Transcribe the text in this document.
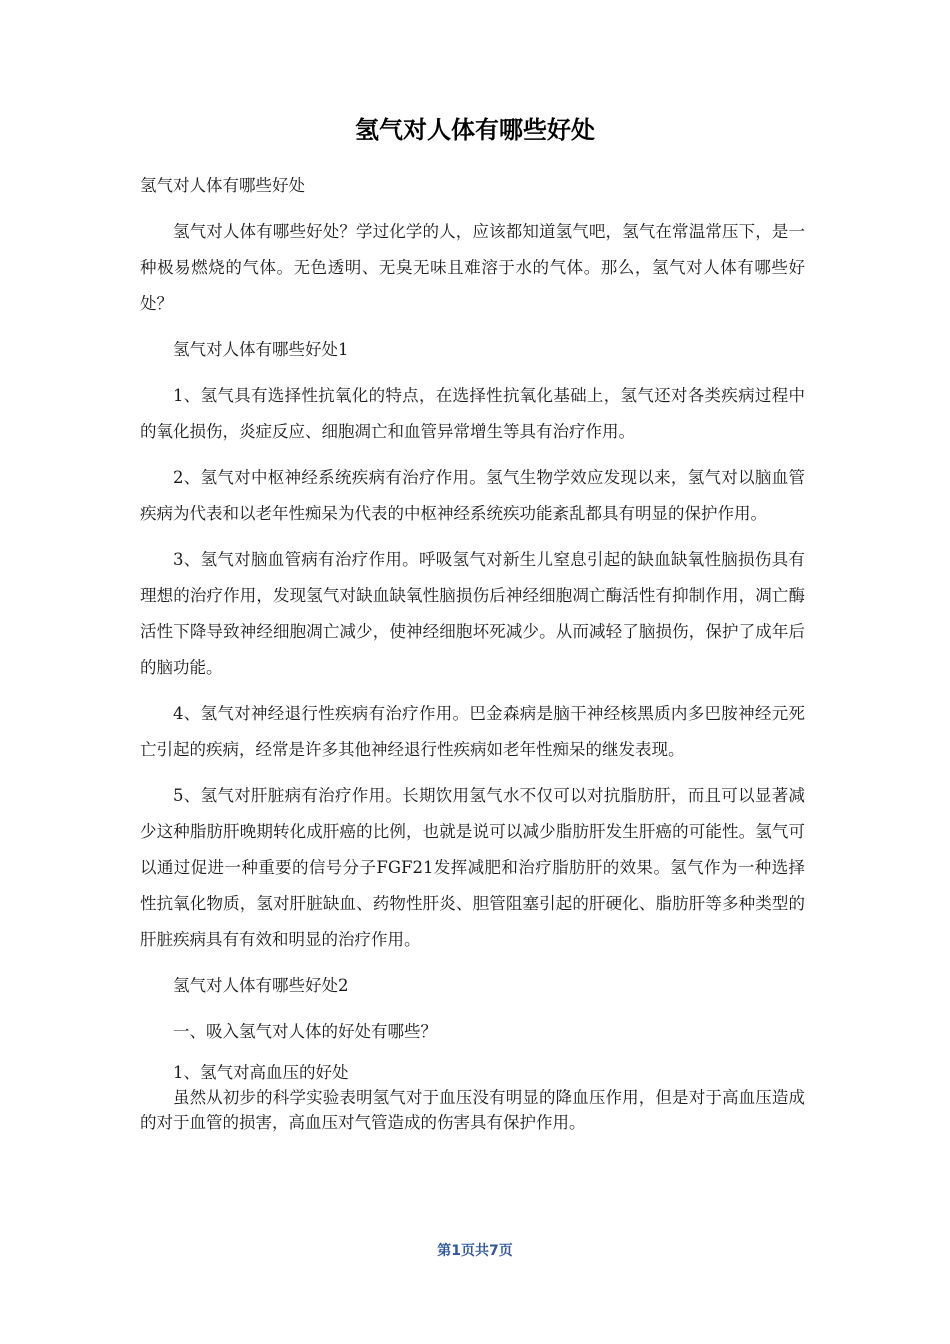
氢气对人体有哪些好处

氢气对人体有哪些好处

氢气对人体有哪些好处？学过化学的人，应该都知道氢气吧，氢气在常温常压下，是一种极易燃烧的气体。无色透明、无臭无味且难溶于水的气体。那么，氢气对人体有哪些好处？

氢气对人体有哪些好处1

1、氢气具有选择性抗氧化的特点，在选择性抗氧化基础上，氢气还对各类疾病过程中的氧化损伤，炎症反应、细胞凋亡和血管异常增生等具有治疗作用。

2、氢气对中枢神经系统疾病有治疗作用。氢气生物学效应发现以来，氢气对以脑血管疾病为代表和以老年性痴呆为代表的中枢神经系统疾功能紊乱都具有明显的保护作用。

3、氢气对脑血管病有治疗作用。呼吸氢气对新生儿窒息引起的缺血缺氧性脑损伤具有理想的治疗作用，发现氢气对缺血缺氧性脑损伤后神经细胞凋亡酶活性有抑制作用，凋亡酶活性下降导致神经细胞凋亡减少，使神经细胞坏死减少。从而减轻了脑损伤，保护了成年后的脑功能。

4、氢气对神经退行性疾病有治疗作用。巴金森病是脑干神经核黑质内多巴胺神经元死亡引起的疾病，经常是许多其他神经退行性疾病如老年性痴呆的继发表现。

5、氢气对肝脏病有治疗作用。长期饮用氢气水不仅可以对抗脂肪肝，而且可以显著减少这种脂肪肝晚期转化成肝癌的比例，也就是说可以减少脂肪肝发生肝癌的可能性。氢气可以通过促进一种重要的信号分子FGF21发挥减肥和治疗脂肪肝的效果。氢气作为一种选择性抗氧化物质，氢对肝脏缺血、药物性肝炎、胆管阻塞引起的肝硬化、脂肪肝等多种类型的肝脏疾病具有有效和明显的治疗作用。

氢气对人体有哪些好处2

一、吸入氢气对人体的好处有哪些？

1、氢气对高血压的好处

虽然从初步的科学实验表明氢气对于血压没有明显的降血压作用，但是对于高血压造成的对于血管的损害，高血压对气管造成的伤害具有保护作用。

第1页共7页
